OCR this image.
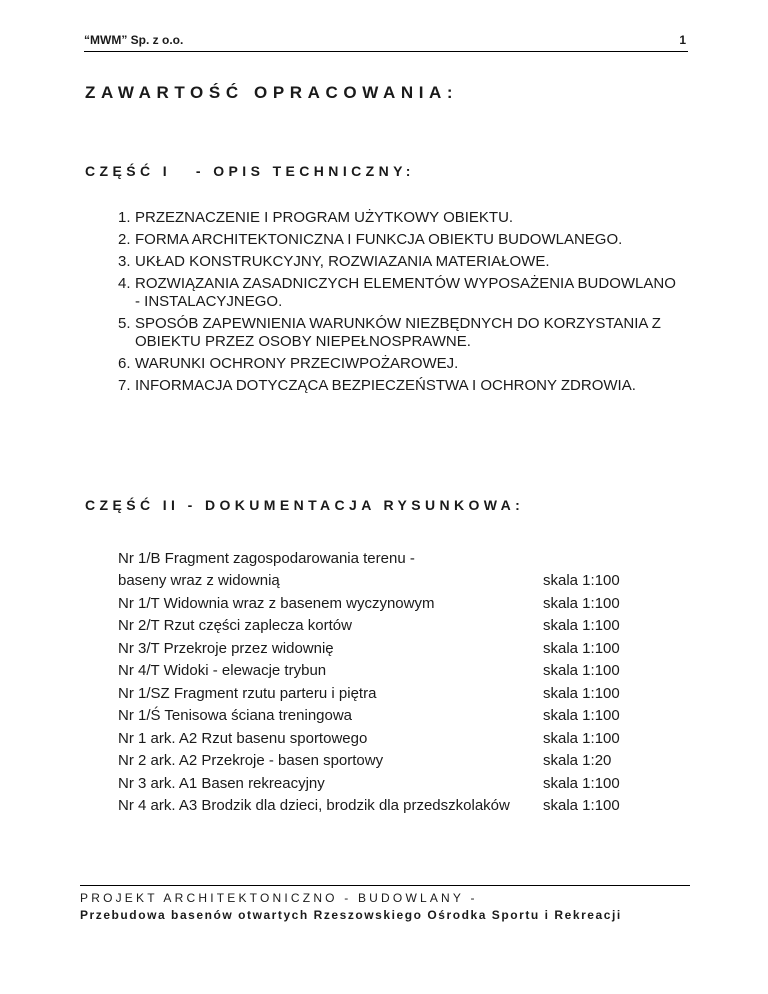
“MWM” Sp. z o.o.	1
ZAWARTOŚĆ OPRACOWANIA:
CZĘŚĆ I   - OPIS TECHNICZNY:
1. PRZEZNACZENIE I PROGRAM UŻYTKOWY OBIEKTU.
2. FORMA ARCHITEKTONICZNA I FUNKCJA OBIEKTU BUDOWLANEGO.
3. UKŁAD KONSTRUKCYJNY, ROZWIAZANIA MATERIAŁOWE.
4. ROZWIĄZANIA ZASADNICZYCH ELEMENTÓW WYPOSAŻENIA BUDOWLANO - INSTALACYJNEGO.
5. SPOSÓB ZAPEWNIENIA WARUNKÓW NIEZBĘDNYCH DO KORZYSTANIA Z OBIEKTU PRZEZ OSOBY NIEPEŁNOSPRAWNE.
6. WARUNKI OCHRONY PRZECIWPOŻAROWEJ.
7. INFORMACJA DOTYCZĄCA BEZPIECZEŃSTWA I OCHRONY ZDROWIA.
CZĘŚĆ II - DOKUMENTACJA RYSUNKOWA:
Nr 1/B Fragment zagospodarowania terenu -
baseny wraz z widownią	skala 1:100
Nr 1/T Widownia wraz z basenem wyczynowym	skala 1:100
Nr 2/T Rzut części zaplecza kortów	skala 1:100
Nr 3/T Przekroje przez widownię	skala 1:100
Nr 4/T Widoki - elewacje trybun	skala 1:100
Nr 1/SZ Fragment rzutu parteru i piętra	skala 1:100
Nr 1/Ś Tenisowa ściana treningowa	skala 1:100
Nr 1 ark. A2 Rzut basenu sportowego	skala 1:100
Nr 2 ark. A2 Przekroje - basen sportowy	skala 1:20
Nr 3 ark. A1 Basen rekreacyjny	skala 1:100
Nr 4 ark. A3 Brodzik dla dzieci, brodzik dla przedszkolaków skala 1:100
PROJEKT ARCHITEKTONICZNO - BUDOWLANY -
Przebudowa basenów otwartych Rzeszowskiego Ośrodka Sportu i Rekreacji
